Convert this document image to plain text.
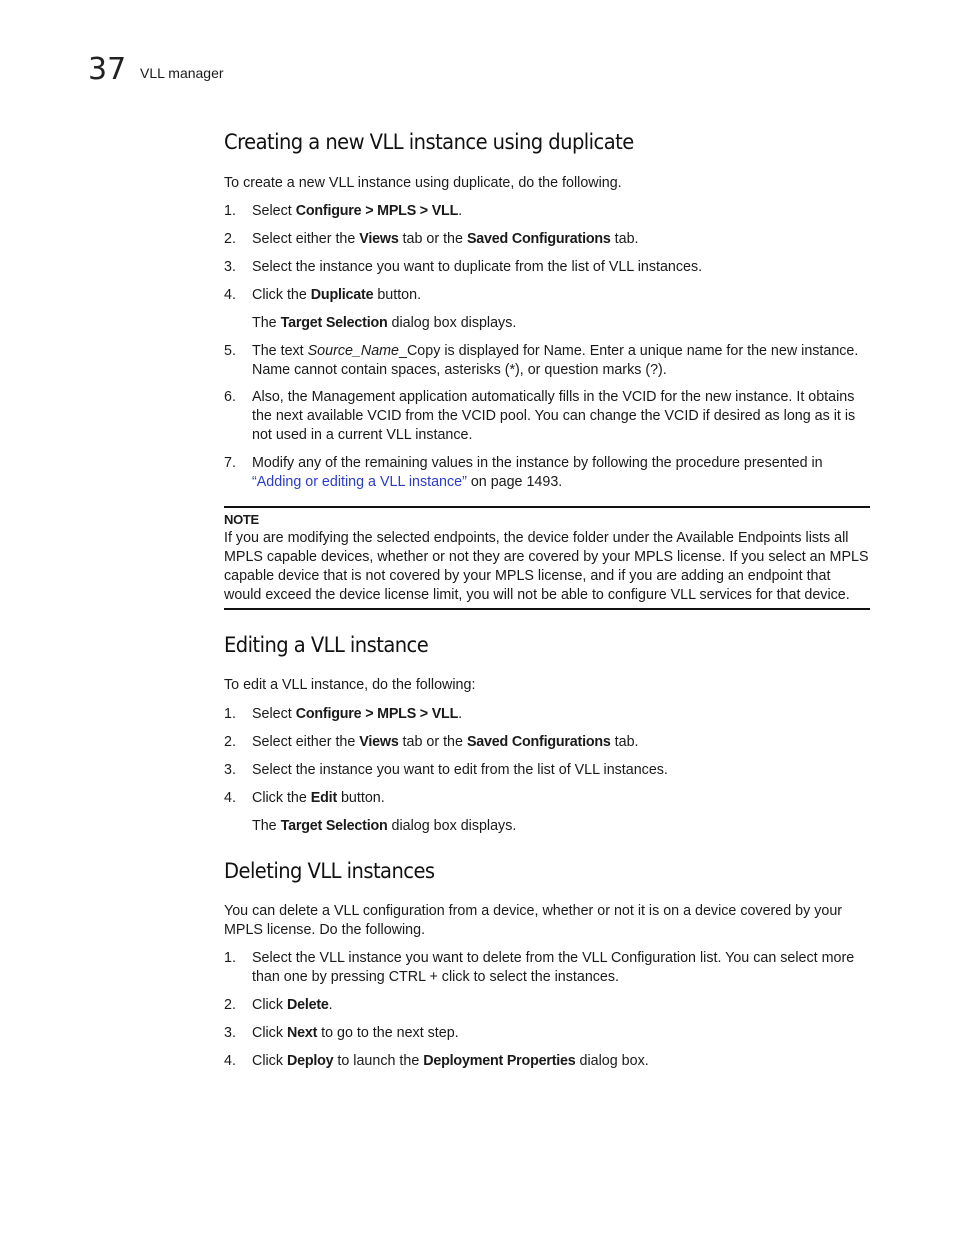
37 VLL manager
Creating a new VLL instance using duplicate

To create a new VLL instance using duplicate, do the following.

1.	Select Configure > MPLS > VLL.
2.	Select either the Views tab or the Saved Configurations tab.
3.	Select the instance you want to duplicate from the list of VLL instances.
4.	Click the Duplicate button.
The Target Selection dialog box displays.
5.	The text Source_Name_Copy is displayed for Name. Enter a unique name for the new instance. Name cannot contain spaces, asterisks (*), or question marks (?).
6.	Also, the Management application automatically fills in the VCID for the new instance. It obtains the next available VCID from the VCID pool. You can change the VCID if desired as long as it is not used in a current VLL instance.
7.	Modify any of the remaining values in the instance by following the procedure presented in “Adding or editing a VLL instance” on page 1493.
NOTE
If you are modifying the selected endpoints, the device folder under the Available Endpoints lists all MPLS capable devices, whether or not they are covered by your MPLS license. If you select an MPLS capable device that is not covered by your MPLS license, and if you are adding an endpoint that would exceed the device license limit, you will not be able to configure VLL services for that device.
Editing a VLL instance

To edit a VLL instance, do the following:

1.	Select Configure > MPLS > VLL.
2.	Select either the Views tab or the Saved Configurations tab.
3.	Select the instance you want to edit from the list of VLL instances.
4.	Click the Edit button.
The Target Selection dialog box displays.
Deleting VLL instances

You can delete a VLL configuration from a device, whether or not it is on a device covered by your MPLS license. Do the following.

1.	Select the VLL instance you want to delete from the VLL Configuration list. You can select more than one by pressing CTRL + click to select the instances.
2.	Click Delete.
3.	Click Next to go to the next step.
4.	Click Deploy to launch the Deployment Properties dialog box.
